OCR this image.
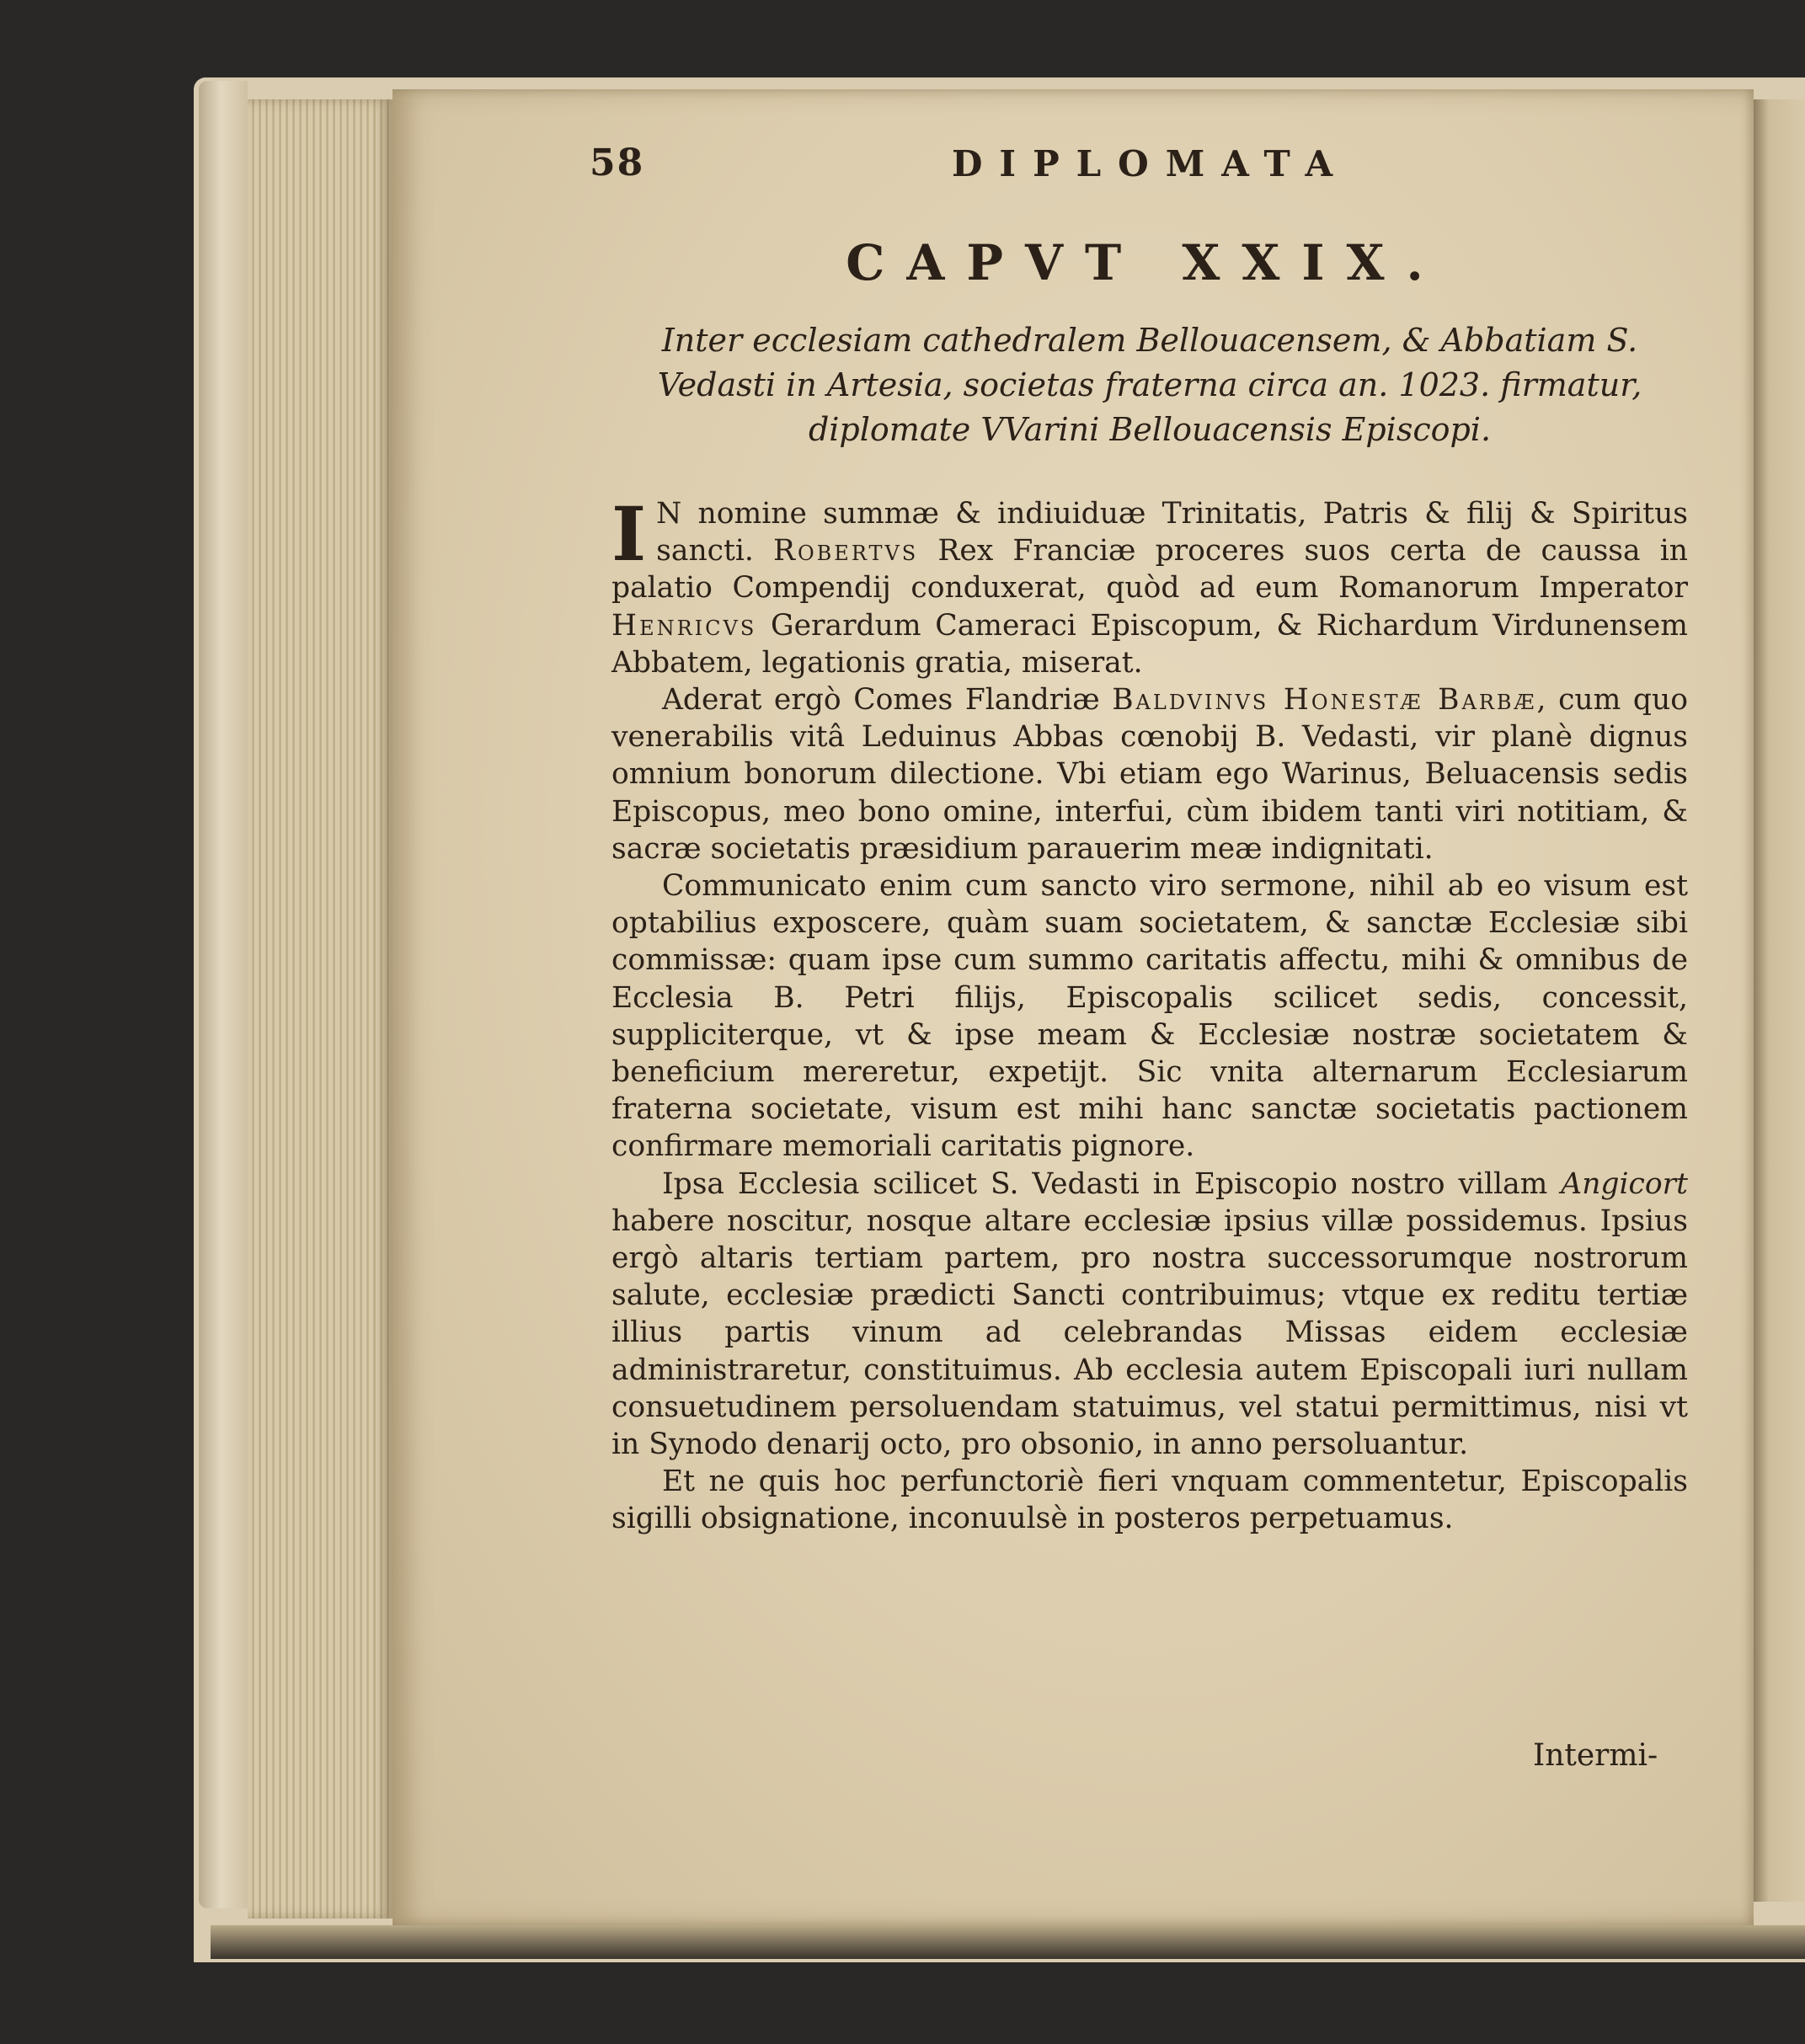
58	DIPLOMATA
CAPVT XXIX.
Inter ecclesiam cathedralem Bellouacensem, & Abbatiam S. Vedasti in Artesia, societas fraterna circa an. 1023. firmatur, diplomate VVarini Bellouacensis Episcopi.

I N nomine summæ & indiuiduæ Trinitatis, Patris & filij & Spiritus sancti. Robertvs Rex Franciæ proceres suos certa de caussa in palatio Compendij conduxerat, quòd ad eum Romanorum Imperator Henricvs Gerardum Cameraci Episcopum, & Richardum Virdunensem Abbatem, legationis gratia, miserat.

Aderat ergò Comes Flandriæ Baldvinvs Honestæ Barbæ, cum quo venerabilis vitâ Leduinus Abbas cœnobij B. Vedasti, vir planè dignus omnium bonorum dilectione. Vbi etiam ego Warinus, Beluacensis sedis Episcopus, meo bono omine, interfui, cùm ibidem tanti viri notitiam, & sacræ societatis præsidium parauerim meæ indignitati.

Communicato enim cum sancto viro sermone, nihil ab eo visum est optabilius exposcere, quàm suam societatem, & sanctæ Ecclesiæ sibi commissæ: quam ipse cum summo caritatis affectu, mihi & omnibus de Ecclesia B. Petri filijs, Episcopalis scilicet sedis, concessit, suppliciterque, vt & ipse meam & Ecclesiæ nostræ societatem & beneficium mereretur, expetijt. Sic vnita alternarum Ecclesiarum fraterna societate, visum est mihi hanc sanctæ societatis pactionem confirmare memoriali caritatis pignore.

Ipsa Ecclesia scilicet S. Vedasti in Episcopio nostro villam Angicort habere noscitur, nosque altare ecclesiæ ipsius villæ possidemus. Ipsius ergò altaris tertiam partem, pro nostra successorumque nostrorum salute, ecclesiæ prædicti Sancti contribuimus; vtque ex reditu tertiæ illius partis vinum ad celebrandas Missas eidem ecclesiæ administraretur, constituimus. Ab ecclesia autem Episcopali iuri nullam consuetudinem persoluendam statuimus, vel statui permittimus, nisi vt in Synodo denarij octo, pro obsonio, in anno persoluantur.

Et ne quis hoc perfunctoriè fieri vnquam commentetur, Episcopalis sigilli obsignatione, inconuulsè in posteros perpetuamus.

Intermi-
